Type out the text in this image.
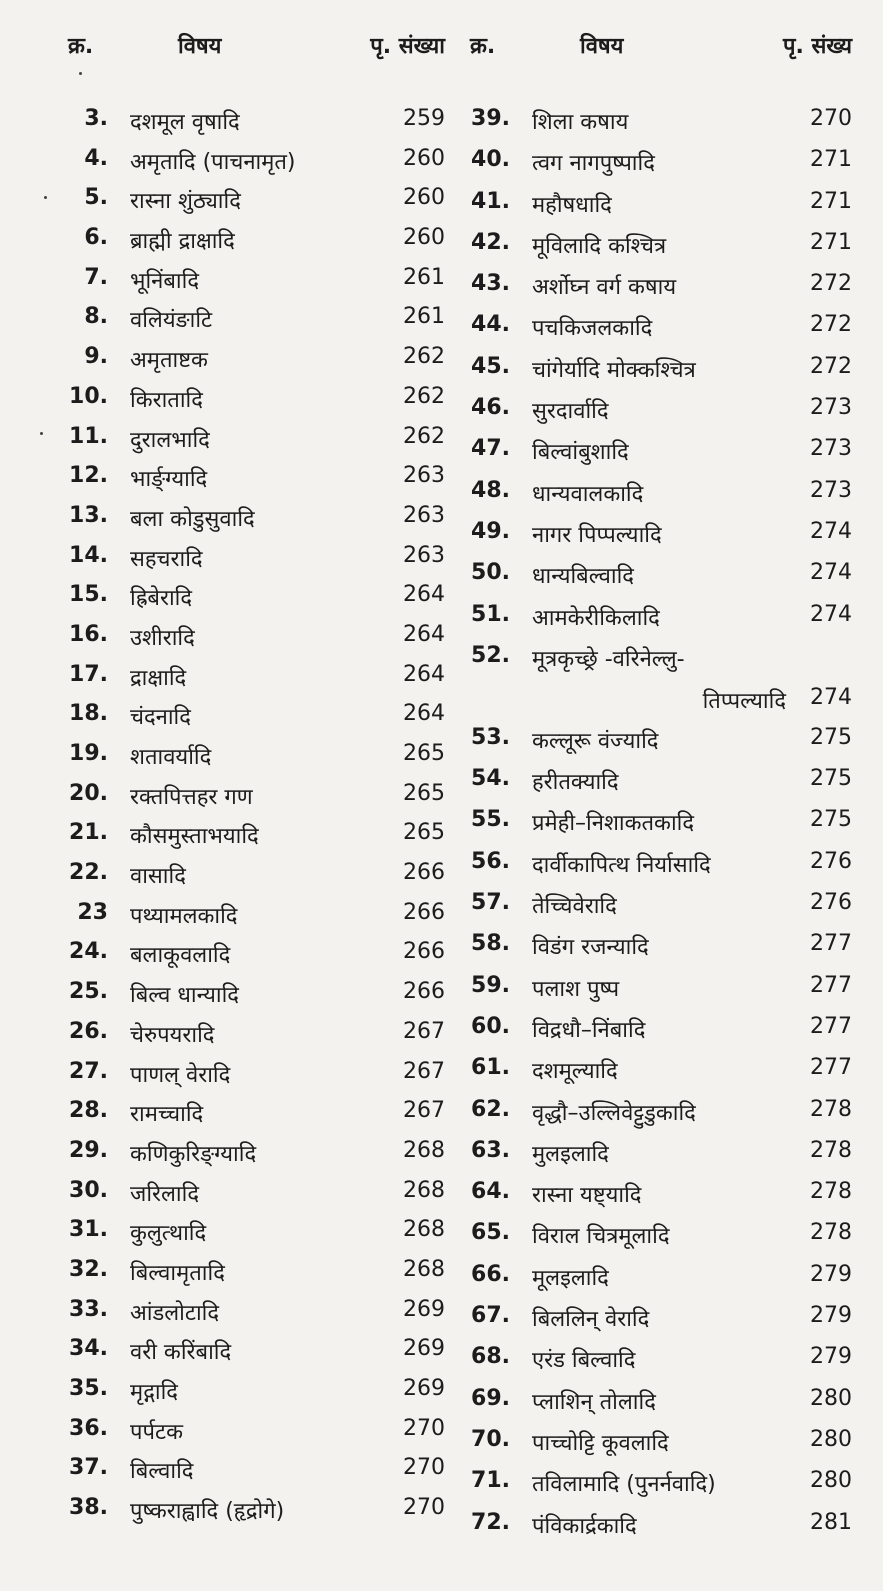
क्र.	विषय	पृ. संख्या
3. दशमूल वृषादि	259
4. अमृतादि (पाचनामृत)	260
5. रास्ना शुंठ्यादि	260
6. ब्राह्मी द्राक्षादि	260
7. भूनिंबादि	261
8. वलियंङाटि	261
9. अमृताष्टक	262
10. किरातादि	262
11. दुरालभादि	262
12. भार्ङ्ग्यादि	263
13. बला कोडुसुवादि	263
14. सहचरादि	263
15. ह्रिबेरादि	264
16. उशीरादि	264
17. द्राक्षादि	264
18. चंदनादि	264
19. शतावर्यादि	265
20. रक्तपित्तहर गण	265
21. कौसमुस्ताभयादि	265
22. वासादि	266
23 पथ्यामलकादि	266
24. बलाकूवलादि	266
25. बिल्व धान्यादि	266
26. चेरुपयरादि	267
27. पाणल् वेरादि	267
28. रामच्चादि	267
29. कणिकुरिङ्ग्यादि	268
30. जरिलादि	268
31. कुलुत्थादि	268
32. बिल्वामृतादि	268
33. आंडलोटादि	269
34. वरी करिंबादि	269
35. मृद्गादि	269
36. पर्पटक	270
37. बिल्वादि	270
38. पुष्कराह्वादि (हृद्रोगे)	270
क्र.	विषय	पृ. संख्य
39. शिला कषाय	270
40. त्वग नागपुष्पादि	271
41. महौषधादि	271
42. मूविलादि कश्चित्र	271
43. अर्शोघ्न वर्ग कषाय	272
44. पचकिजलकादि	272
45. चांगेर्यादि मोक्कश्चित्र	272
46. सुरदार्वादि	273
47. बिल्वांबुशादि	273
48. धान्यवालकादि	273
49. नागर पिप्पल्यादि	274
50. धान्यबिल्वादि	274
51. आमकेरीकिलादि	274
52. मूत्रकृच्छ्रे -वरिनेल्लु-
तिप्पल्यादि 274
53. कल्लूरू वंज्यादि	275
54. हरीतक्यादि	275
55. प्रमेही–निशाकतकादि	275
56. दार्वीकापित्थ निर्यासादि	276
57. तेच्चिवेरादि	276
58. विडंग रजन्यादि	277
59. पलाश पुष्प	277
60. विद्रधौ–निंबादि	277
61. दशमूल्यादि	277
62. वृद्धौ–उल्लिवेट्टुडुकादि	278
63. मुलइलादि	278
64. रास्ना यष्ट्यादि	278
65. विराल चित्रमूलादि	278
66. मूलइलादि	279
67. बिललिन् वेरादि	279
68. एरंड बिल्वादि	279
69. प्लाशिन् तोलादि	280
70. पाच्चोट्टि कूवलादि	280
71. तविलामादि (पुनर्नवादि)	280
72. पंविकार्द्रकादि	281
